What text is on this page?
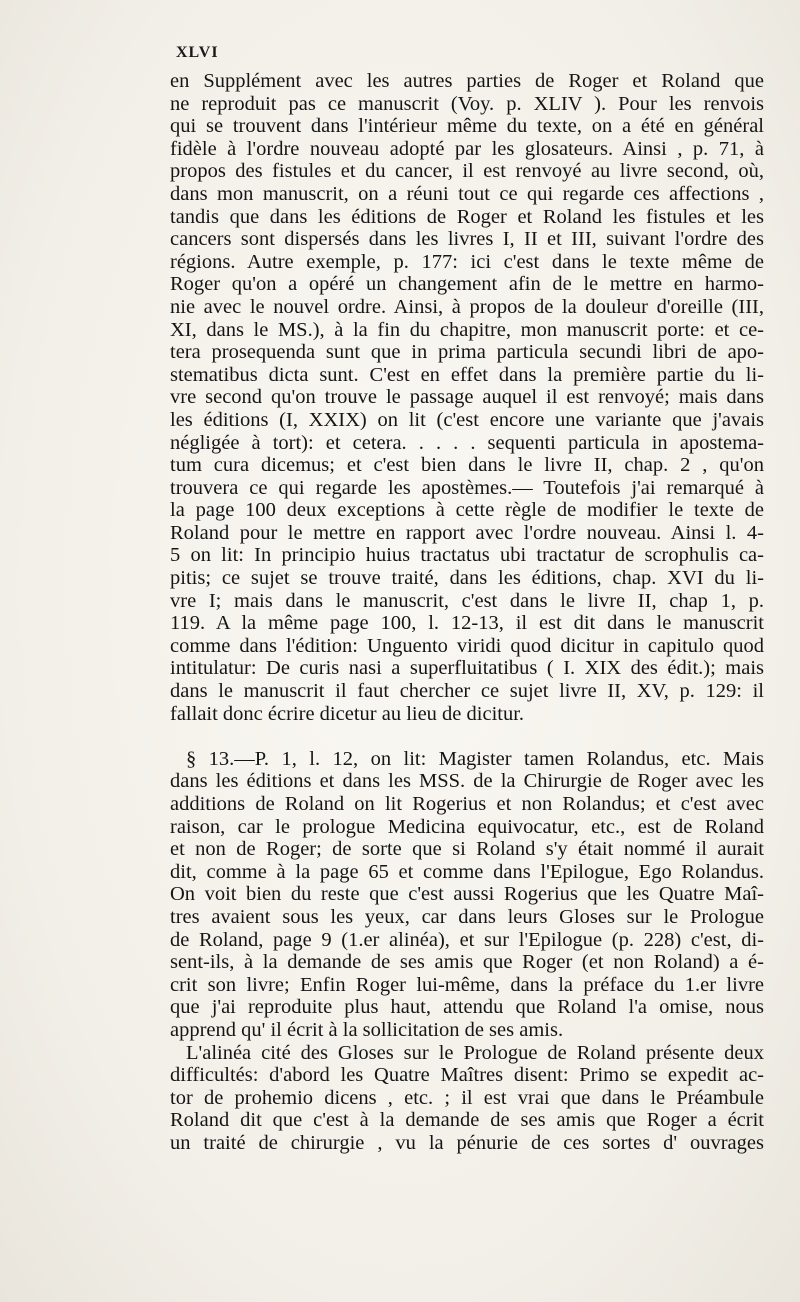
XLVI

en Supplément avec les autres parties de Roger et Roland que

ne reproduit pas ce manuscrit (Voy. p. XLIV ). Pour les renvois

qui se trouvent dans l'intérieur même du texte, on a été en général

fidèle à l'ordre nouveau adopté par les glosateurs. Ainsi , p. 71, à

propos des fistules et du cancer, il est renvoyé au livre second, où,

dans mon manuscrit, on a réuni tout ce qui regarde ces affections ,

tandis que dans les éditions de Roger et Roland les fistules et les

cancers sont dispersés dans les livres I, II et III, suivant l'ordre des

régions. Autre exemple, p. 177: ici c'est dans le texte même de

Roger qu'on a opéré un changement afin de le mettre en harmo-

nie avec le nouvel ordre. Ainsi, à propos de la douleur d'oreille (III,

XI, dans le MS.), à la fin du chapitre, mon manuscrit porte: et ce-

tera prosequenda sunt que in prima particula secundi libri de apo-

stematibus dicta sunt. C'est en effet dans la première partie du li-

vre second qu'on trouve le passage auquel il est renvoyé; mais dans

les éditions (I, XXIX) on lit (c'est encore une variante que j'avais

négligée à tort): et cetera. . . . . sequenti particula in apostema-

tum cura dicemus; et c'est bien dans le livre II, chap. 2 , qu'on

trouvera ce qui regarde les apostèmes.— Toutefois j'ai remarqué à

la page 100 deux exceptions à cette règle de modifier le texte de

Roland pour le mettre en rapport avec l'ordre nouveau. Ainsi l. 4-

5 on lit: In principio huius tractatus ubi tractatur de scrophulis ca-

pitis; ce sujet se trouve traité, dans les éditions, chap. XVI du li-

vre I; mais dans le manuscrit, c'est dans le livre II, chap 1, p.

119. A la même page 100, l. 12-13, il est dit dans le manuscrit

comme dans l'édition: Unguento viridi quod dicitur in capitulo quod

intitulatur: De curis nasi a superfluitatibus ( I. XIX des édit.); mais

dans le manuscrit il faut chercher ce sujet livre II, XV, p. 129: il

fallait donc écrire dicetur au lieu de dicitur.

§ 13.—P. 1, l. 12, on lit: Magister tamen Rolandus, etc. Mais

dans les éditions et dans les MSS. de la Chirurgie de Roger avec les

additions de Roland on lit Rogerius et non Rolandus; et c'est avec

raison, car le prologue Medicina equivocatur, etc., est de Roland

et non de Roger; de sorte que si Roland s'y était nommé il aurait

dit, comme à la page 65 et comme dans l'Epilogue, Ego Rolandus.

On voit bien du reste que c'est aussi Rogerius que les Quatre Maî-

tres avaient sous les yeux, car dans leurs Gloses sur le Prologue

de Roland, page 9 (1.er alinéa), et sur l'Epilogue (p. 228) c'est, di-

sent-ils, à la demande de ses amis que Roger (et non Roland) a é-

crit son livre; Enfin Roger lui-même, dans la préface du 1.er livre

que j'ai reproduite plus haut, attendu que Roland l'a omise, nous

apprend qu' il écrit à la sollicitation de ses amis.

L'alinéa cité des Gloses sur le Prologue de Roland présente deux

difficultés: d'abord les Quatre Maîtres disent: Primo se expedit ac-

tor de prohemio dicens , etc. ; il est vrai que dans le Préambule

Roland dit que c'est à la demande de ses amis que Roger a écrit

un traité de chirurgie , vu la pénurie de ces sortes d' ouvrages
